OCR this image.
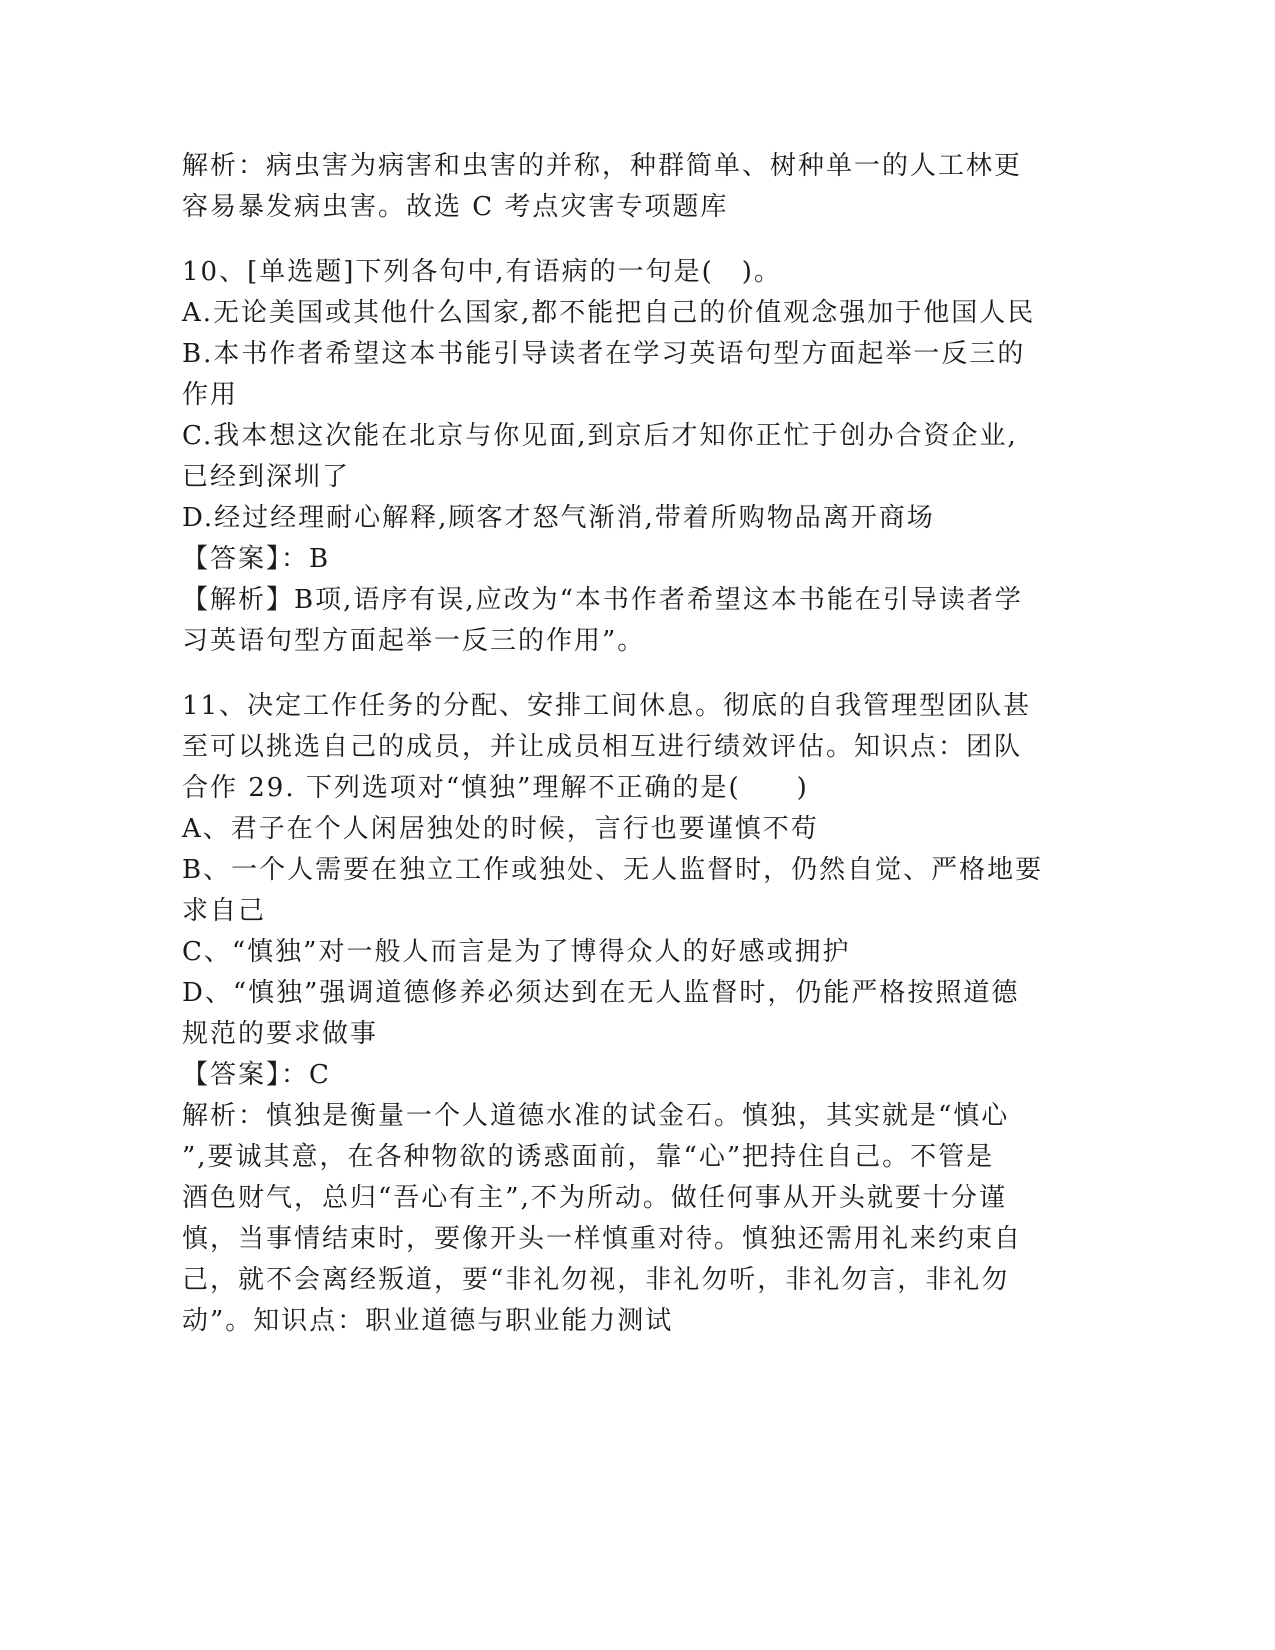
解析：病虫害为病害和虫害的并称，种群简单、树种单一的人工林更
容易暴发病虫害。故选 C 考点灾害专项题库
10、[单选题]下列各句中,有语病的一句是(　)。
A.无论美国或其他什么国家,都不能把自己的价值观念强加于他国人民
B.本书作者希望这本书能引导读者在学习英语句型方面起举一反三的
作用
C.我本想这次能在北京与你见面,到京后才知你正忙于创办合资企业,
已经到深圳了
D.经过经理耐心解释,顾客才怒气渐消,带着所购物品离开商场
【答案】：B
【解析】B项,语序有误,应改为“本书作者希望这本书能在引导读者学
习英语句型方面起举一反三的作用”。
11、决定工作任务的分配、安排工间休息。彻底的自我管理型团队甚
至可以挑选自己的成员，并让成员相互进行绩效评估。知识点：团队
合作 29. 下列选项对“慎独”理解不正确的是(　　)
A、君子在个人闲居独处的时候，言行也要谨慎不苟
B、一个人需要在独立工作或独处、无人监督时，仍然自觉、严格地要
求自己
C、“慎独”对一般人而言是为了博得众人的好感或拥护
D、“慎独”强调道德修养必须达到在无人监督时，仍能严格按照道德
规范的要求做事
【答案】：C
解析：慎独是衡量一个人道德水准的试金石。慎独，其实就是“慎心
”,要诚其意，在各种物欲的诱惑面前，靠“心”把持住自己。不管是
酒色财气，总归“吾心有主”,不为所动。做任何事从开头就要十分谨
慎，当事情结束时，要像开头一样慎重对待。慎独还需用礼来约束自
己，就不会离经叛道，要“非礼勿视，非礼勿听，非礼勿言，非礼勿
动”。知识点：职业道德与职业能力测试
